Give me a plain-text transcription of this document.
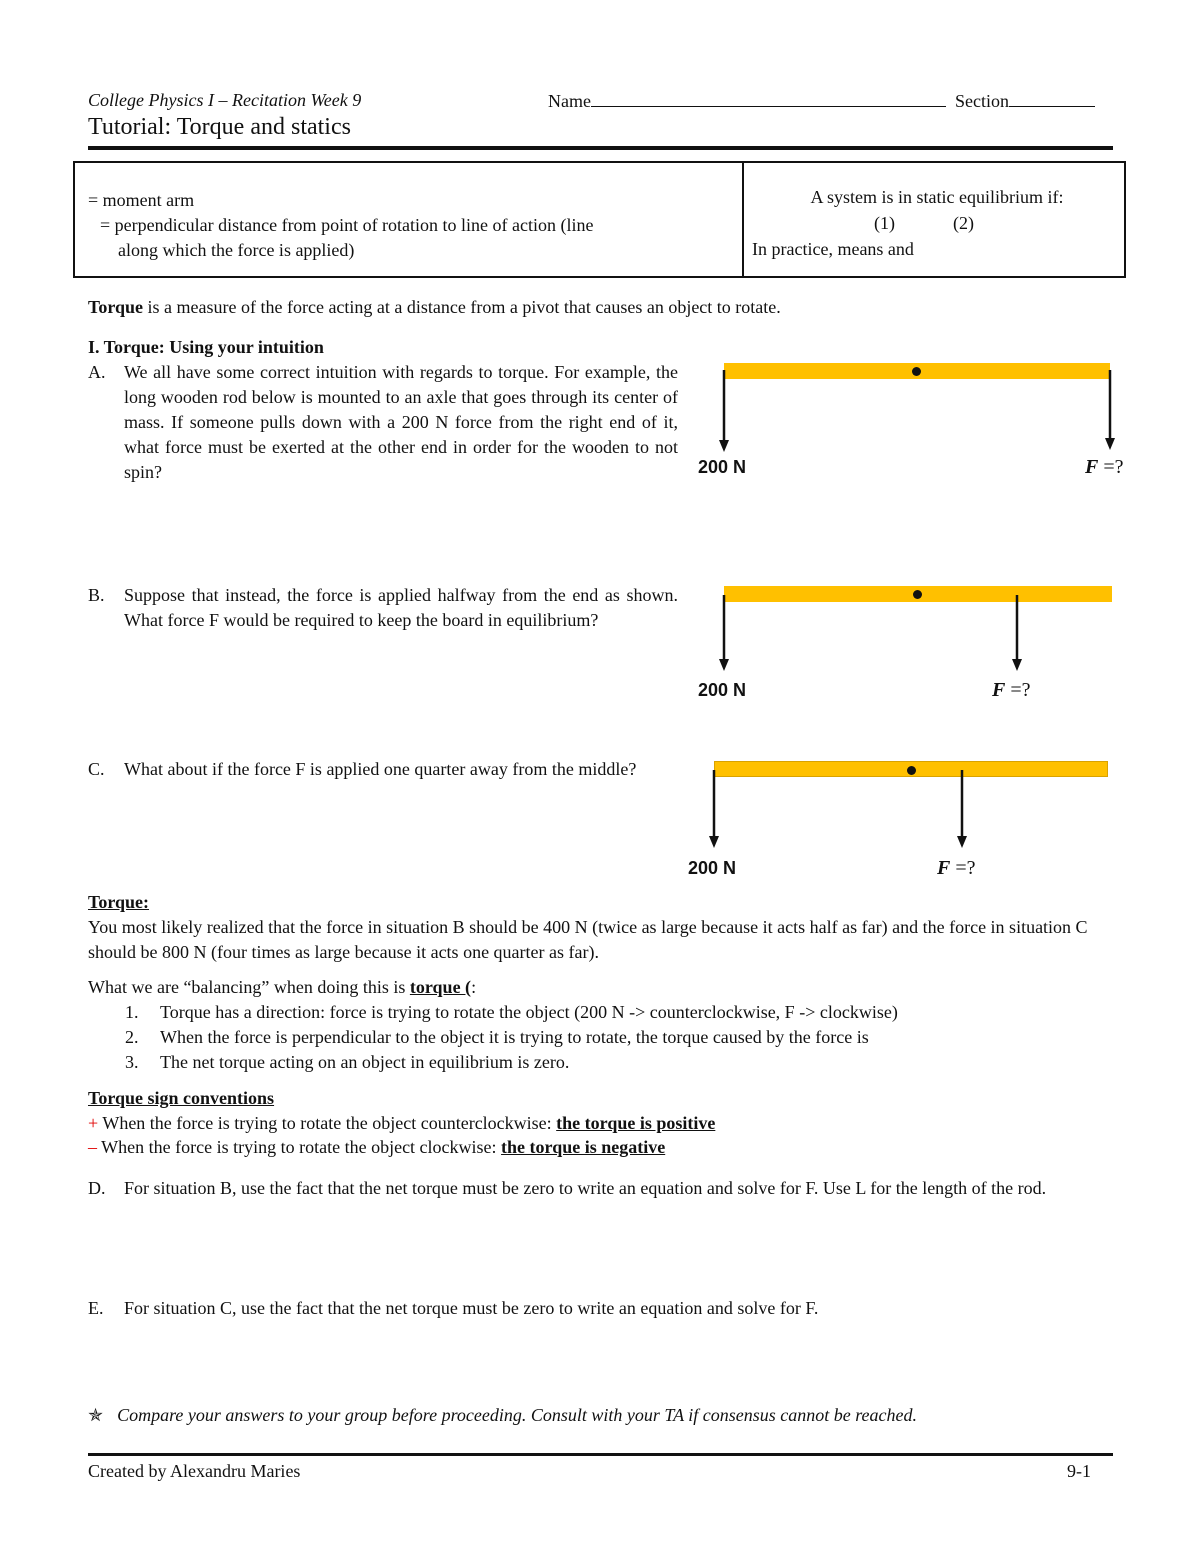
College Physics I – Recitation Week 9	Name	Section
Tutorial: Torque and statics
= moment arm
= perpendicular distance from point of rotation to line of action (line
along which the force is applied)
A system is in static equilibrium if:
(1)	(2)
In practice, means and
Torque is a measure of the force acting at a distance from a pivot that causes an object to rotate.
I. Torque: Using your intuition
A.	We all have some correct intuition with regards to torque. For example, the long wooden rod below is mounted to an axle that goes through its center of mass. If someone pulls down with a 200 N force from the right end of it, what force must be exerted at the other end in order for the wooden to not spin?	200 N	F =?
B.	Suppose that instead, the force is applied halfway from the end as shown. What force F would be required to keep the board in equilibrium?

200 N	F =?
C.	What about if the force F is applied one quarter away from the middle?

200 N	F =?
Torque:
You most likely realized that the force in situation B should be 400 N (twice as large because it acts half as far) and the force in situation C should be 800 N (four times as large because it acts one quarter as far).
What we are “balancing” when doing this is torque (:
1. Torque has a direction: force is trying to rotate the object (200 N -> counterclockwise, F -> clockwise)
2. When the force is perpendicular to the object it is trying to rotate, the torque caused by the force is
3. The net torque acting on an object in equilibrium is zero.
Torque sign conventions
+ When the force is trying to rotate the object counterclockwise: the torque is positive
– When the force is trying to rotate the object clockwise: the torque is negative
D.	For situation B, use the fact that the net torque must be zero to write an equation and solve for F. Use L for the length of the rod.

E.	For situation C, use the fact that the net torque must be zero to write an equation and solve for F.

✯ Compare your answers to your group before proceeding. Consult with your TA if consensus cannot be reached.
Created by Alexandru Maries	9-1
